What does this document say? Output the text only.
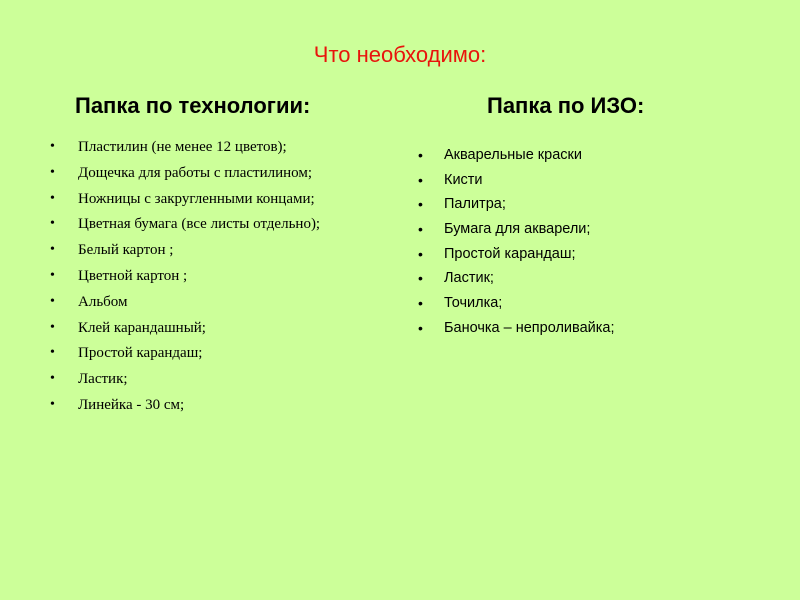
Что необходимо:
Папка по технологии:	Папка по ИЗО:
• Пластилин (не менее 12 цветов);
• Дощечка для работы с пластилином;
• Ножницы с закругленными концами;
• Цветная бумага (все листы отдельно);
• Белый картон ;
• Цветной картон ;
• Альбом
• Клей карандашный;
• Простой карандаш;
• Ластик;
• Линейка - 30 см;
• Акварельные краски
• Кисти
• Палитра;
• Бумага для акварели;
• Простой карандаш;
• Ластик;
• Точилка;
• Баночка – непроливайка;
